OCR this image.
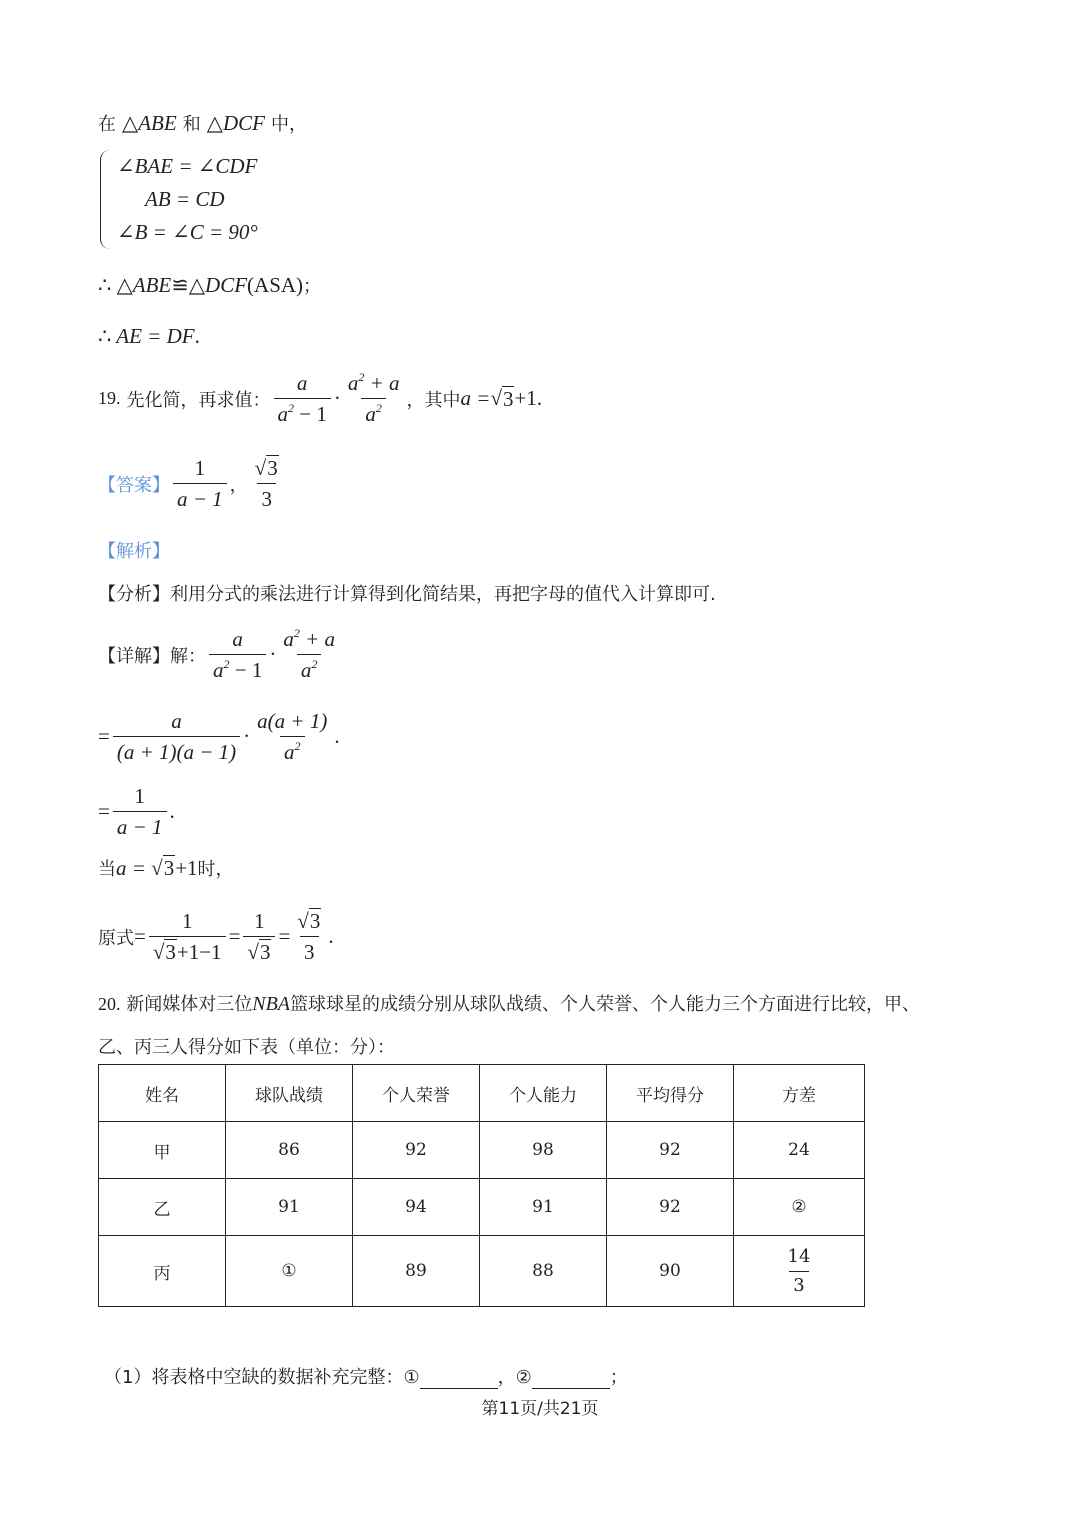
在 △ABE 和 △DCF 中，
∠BAE = ∠CDF
AB = CD
∠B = ∠C = 90°
∴ △ABE≌△DCF(ASA)；
∴ AE = DF.
19. 先化简，再求值： $\frac{a}{a^2 - 1} \cdot \frac{a^2 + a}{a^2}$ ，其中 a = √ 3 +1 .
【答案】 $\frac{1}{a - 1}$ ， $\frac{√3}{3}$
【解析】
【分析】利用分式的乘法进行计算得到化简结果，再把字母的值代入计算即可.
【详解】 解： $\frac{a}{a^2 - 1} \cdot \frac{a^2 + a}{a^2}$
= $\frac{a}{(a + 1)(a - 1)} \cdot \frac{a(a + 1)}{a^2}$ .
= $\frac{1}{a - 1}$ .
当a = √3+1时，
原式 = $\frac{1}{√3+1-1} = \frac{1}{√3} = \frac{√3}{3}$ .
20. 新闻媒体对三位NBA篮球球星的成绩分别从球队战绩、个人荣誉、个人能力三个方面进行比较，甲、
乙、丙三人得分如下表（单位：分）：
姓名	球队战绩	个人荣誉	个人能力	平均得分	方差
甲	86	92	98	92	24
乙	91	94	91	92	②
丙	①	89	88	90	$\frac{14}{3}$
（1）将表格中空缺的数据补充完整：①	，②	；
第11页/共21页
